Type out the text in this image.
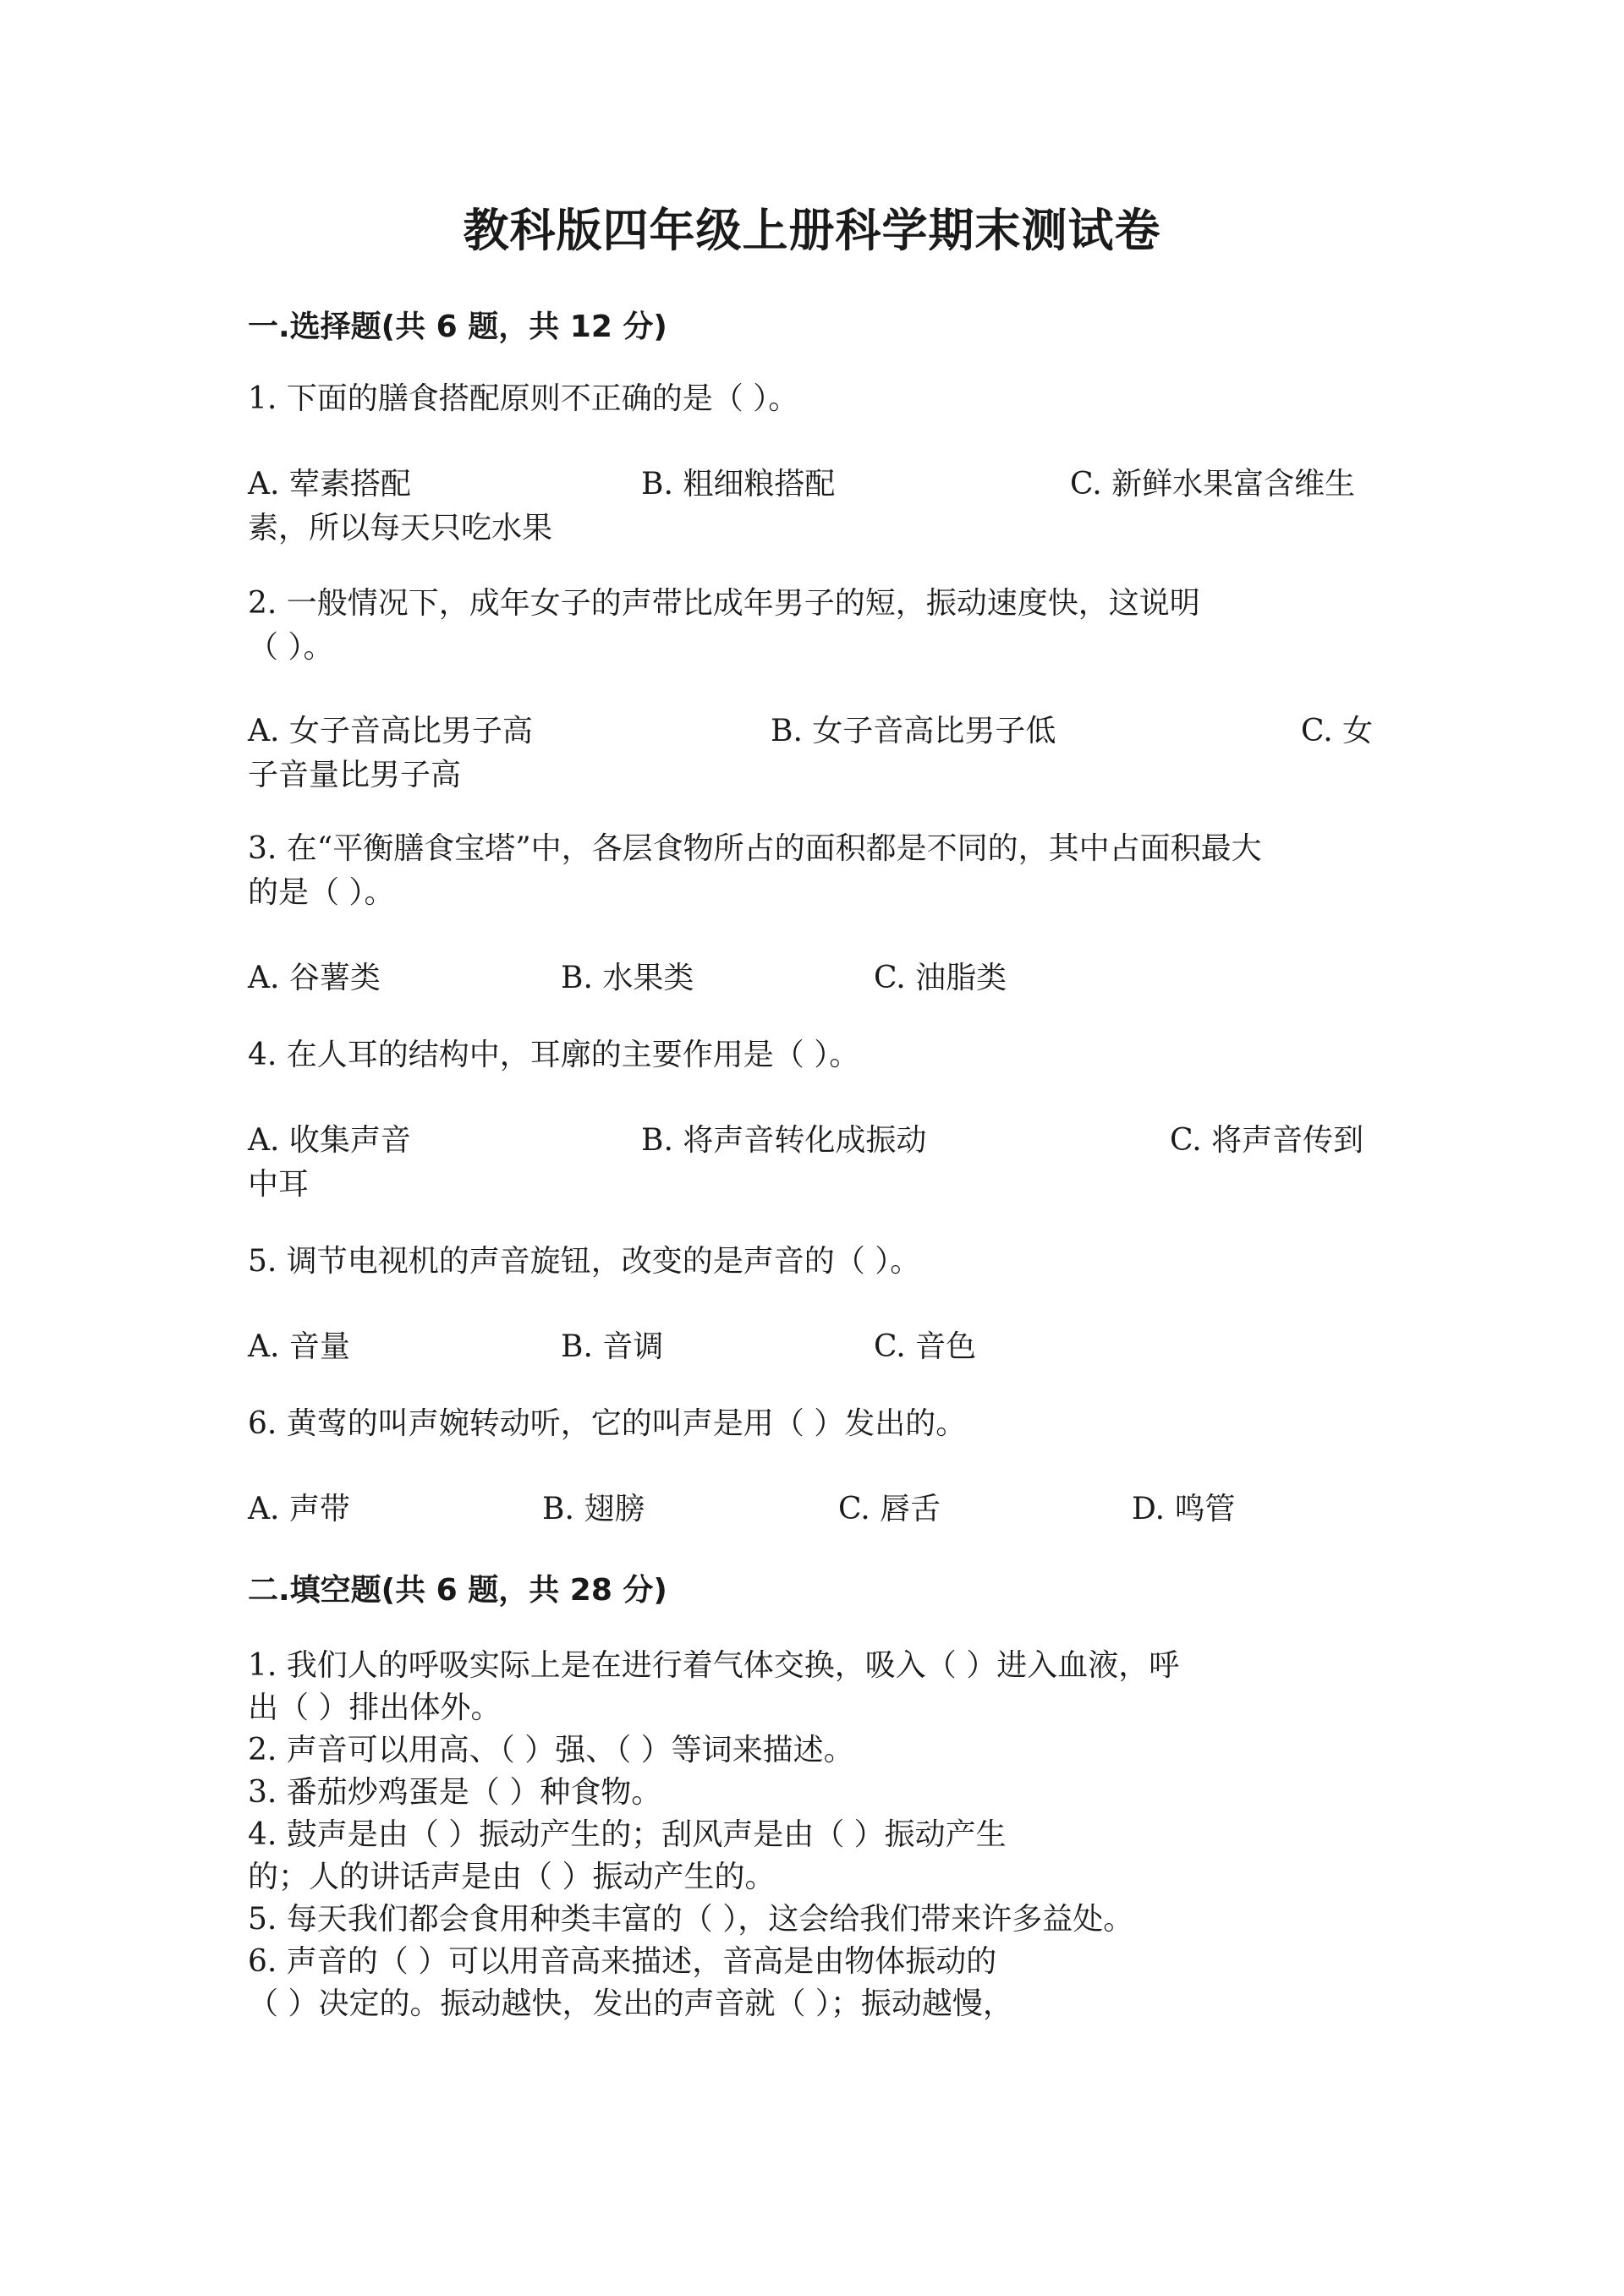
教科版四年级上册科学期末测试卷
一.选择题(共 6 题，共 12 分)
1. 下面的膳食搭配原则不正确的是（ ）。
A. 荤素搭配	B. 粗细粮搭配	C. 新鲜水果富含维生
素，所以每天只吃水果
2. 一般情况下，成年女子的声带比成年男子的短，振动速度快，这说明
（ ）。
A. 女子音高比男子高	B. 女子音高比男子低	C. 女
子音量比男子高
3. 在“平衡膳食宝塔”中，各层食物所占的面积都是不同的，其中占面积最大
的是（ ）。
A. 谷薯类	B. 水果类	C. 油脂类
4. 在人耳的结构中，耳廓的主要作用是（ ）。
A. 收集声音	B. 将声音转化成振动	C. 将声音传到
中耳
5. 调节电视机的声音旋钮，改变的是声音的（ ）。
A. 音量	B. 音调	C. 音色
6. 黄莺的叫声婉转动听，它的叫声是用（ ）发出的。
A. 声带	B. 翅膀	C. 唇舌	D. 鸣管
二.填空题(共 6 题，共 28 分)
1. 我们人的呼吸实际上是在进行着气体交换，吸入（ ）进入血液，呼
出（ ）排出体外。
2. 声音可以用高、（ ）强、（ ）等词来描述。
3. 番茄炒鸡蛋是（ ）种食物。
4. 鼓声是由（ ）振动产生的；刮风声是由（ ）振动产生
的；人的讲话声是由（ ）振动产生的。
5. 每天我们都会食用种类丰富的（ ），这会给我们带来许多益处。
6. 声音的（ ）可以用音高来描述，音高是由物体振动的
（ ）决定的。振动越快，发出的声音就（ ）；振动越慢，
